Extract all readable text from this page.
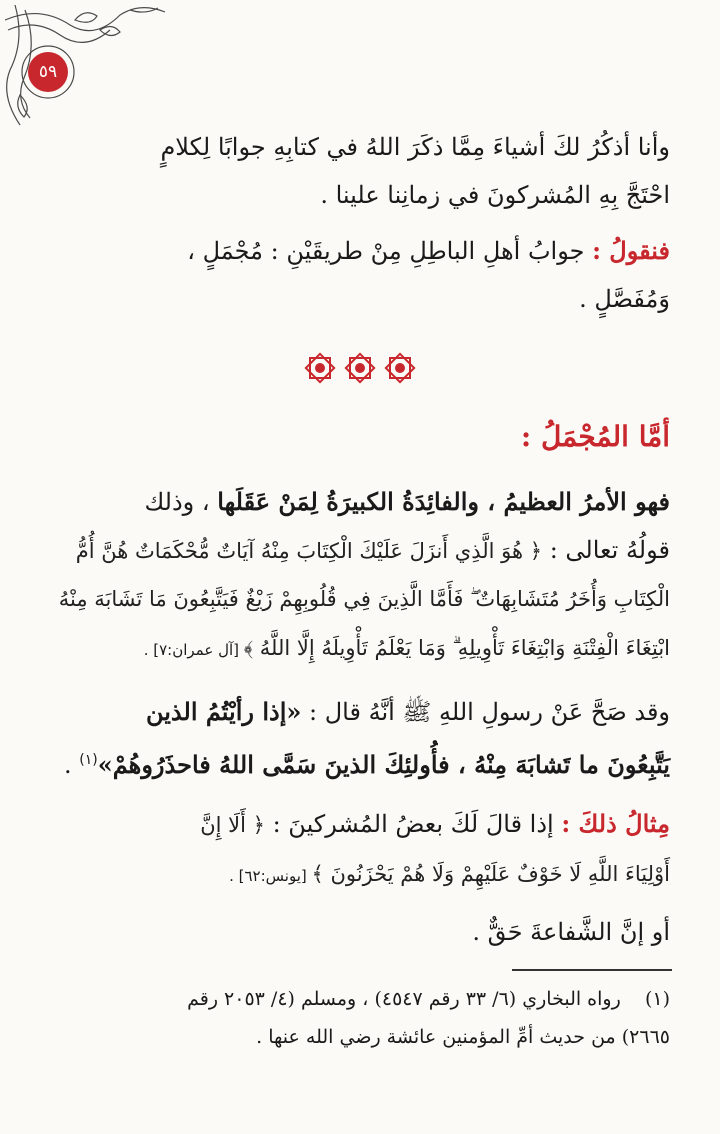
٥٩
وأنا أذكُرُ لكَ أشياءَ مِمَّا ذكَرَ اللهُ في كتابِهِ جوابًا لِكلامٍ
احْتَجَّ بِهِ المُشركونَ في زمانِنا علينا .
فنقولُ : جوابُ أهلِ الباطِلِ مِنْ طريقَيْنِ : مُجْمَلٍ ،
وَمُفَصَّلٍ .
أمَّا المُجْمَلُ :
فهو الأمرُ العظيمُ ، والفائِدَةُ الكبيرَةُ لِمَنْ عَقَلَها ، وذلك
قولُهُ تعالى : ﴿ هُوَ الَّذِي أَنزَلَ عَلَيْكَ الْكِتَابَ مِنْهُ آيَاتٌ مُّحْكَمَاتٌ هُنَّ أُمُّ
الْكِتَابِ وَأُخَرُ مُتَشَابِهَاتٌ ۖ فَأَمَّا الَّذِينَ فِي قُلُوبِهِمْ زَيْغٌ فَيَتَّبِعُونَ مَا تَشَابَهَ مِنْهُ
ابْتِغَاءَ الْفِتْنَةِ وَابْتِغَاءَ تَأْوِيلِهِ ۗ وَمَا يَعْلَمُ تَأْوِيلَهُ إِلَّا اللَّهُ ﴾ [آل عمران:٧] .
وقد صَحَّ عَنْ رسولِ اللهِ ﷺ أنَّهُ قال : «إذا رأيْتُمُ الذين
يَتَّبِعُونَ ما تَشابَهَ مِنْهُ ، فأُولئِكَ الذينَ سَمَّى اللهُ فاحذَرُوهُمْ»$^{(١)}$ .
مِثالُ ذلكَ : إذا قالَ لَكَ بعضُ المُشركينَ : ﴿ أَلَا إِنَّ
أَوْلِيَاءَ اللَّهِ لَا خَوْفٌ عَلَيْهِمْ وَلَا هُمْ يَحْزَنُونَ ﴾ [يونس:٦٢] .
أو إنَّ الشَّفاعةَ حَقٌّ .
(١)    رواه البخاري (٦/ ٣٣ رقم ٤٥٤٧) ، ومسلم (٤/ ٢٠٥٣ رقم
٢٦٦٥) من حديث أمِّ المؤمنين عائشة رضي الله عنها .
